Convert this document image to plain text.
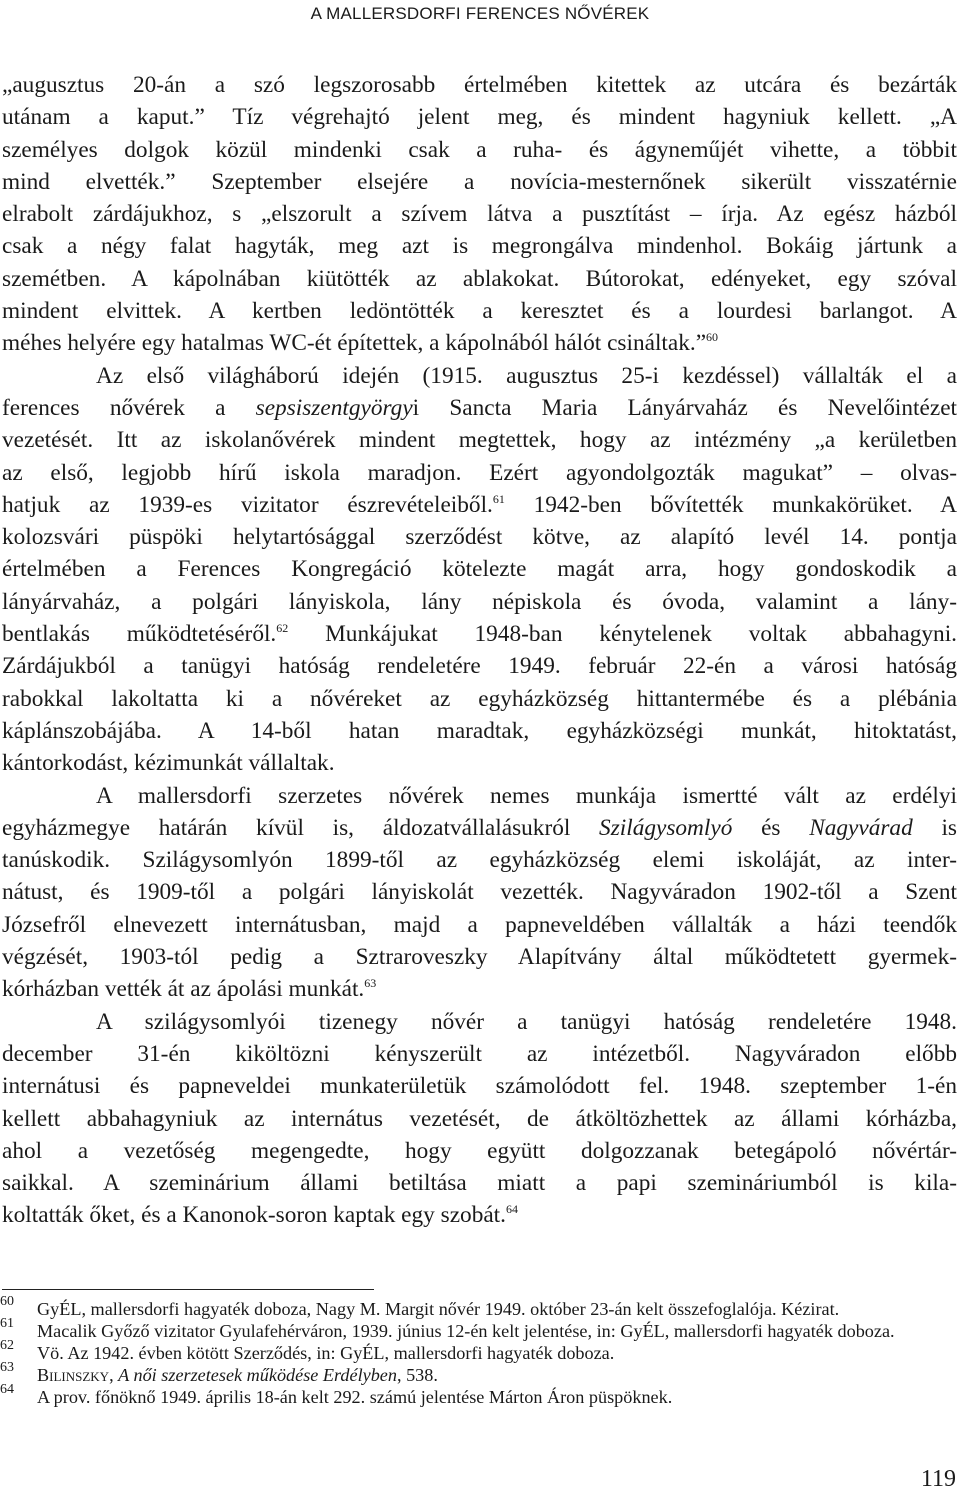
A MALLERSDORFI FERENCES NŐVÉREK

„augusztus 20-án a szó legszorosabb értelmében kitettek az utcára és bezárták
utánam a kaput.” Tíz végrehajtó jelent meg, és mindent hagyniuk kellett. „A
személyes dolgok közül mindenki csak a ruha- és ágyneműjét vihette, a többit
mind elvették.” Szeptember elsejére a novícia-mesternőnek sikerült visszatérnie
elrabolt zárdájukhoz, s „elszorult a szívem látva a pusztítást – írja. Az egész házból
csak a négy falat hagyták, meg azt is megrongálva mindenhol. Bokáig jártunk a
szemétben. A kápolnában kiütötték az ablakokat. Bútorokat, edényeket, egy szóval
mindent elvittek. A kertben ledöntötték a keresztet és a lourdesi barlangot. A

méhes helyére egy hatalmas WC-ét építettek, a kápolnából hálót csináltak.”$^{60}$

Az első világháború idején (1915. augusztus 25-i kezdéssel) vállalták el a
ferences nővérek a sepsiszentgyörgyi Sancta Maria Lányárvaház és Nevelőintézet
vezetését. Itt az iskolanővérek mindent megtettek, hogy az intézmény „a kerületben
az első, legjobb hírű iskola maradjon. Ezért agyondolgozták magukat” – olvas-
hatjuk az 1939-es vizitator észrevételeiből.$^{61}$ 1942-ben bővítették munkakörüket. A
kolozsvári püspöki helytartósággal szerződést kötve, az alapító levél 14. pontja
értelmében a Ferences Kongregáció kötelezte magát arra, hogy gondoskodik a
lányárvaház, a polgári lányiskola, lány népiskola és óvoda, valamint a lány-
bentlakás működtetéséről.$^{62}$ Munkájukat 1948-ban kénytelenek voltak abbahagyni.
Zárdájukból a tanügyi hatóság rendeletére 1949. február 22-én a városi hatóság
rabokkal lakoltatta ki a nővéreket az egyházközség hittantermébe és a plébánia
káplánszobájába. A 14-ből hatan maradtak, egyházközségi munkát, hitoktatást,

kántorkodást, kézimunkát vállaltak.

A mallersdorfi szerzetes nővérek nemes munkája ismertté vált az erdélyi
egyházmegye határán kívül is, áldozatvállalásukról Szilágysomlyó és Nagyvárad is
tanúskodik. Szilágysomlyón 1899-től az egyházközség elemi iskoláját, az inter-
nátust, és 1909-től a polgári lányiskolát vezették. Nagyváradon 1902-től a Szent
Józsefről elnevezett internátusban, majd a papneveldében vállalták a házi teendők
végzését, 1903-tól pedig a Sztraroveszky Alapítvány által működtetett gyermek-

kórházban vették át az ápolási munkát.$^{63}$

A szilágysomlyói tizenegy nővér a tanügyi hatóság rendeletére 1948.
december 31-én kiköltözni kényszerült az intézetből. Nagyváradon előbb
internátusi és papneveldei munkaterületük számolódott fel. 1948. szeptember 1-én
kellett abbahagyniuk az internátus vezetését, de átköltözhettek az állami kórházba,
ahol a vezetőség megengedte, hogy együtt dolgozzanak betegápoló nővértár-
saikkal. A szeminárium állami betiltása miatt a papi szemináriumból is kila-

koltatták őket, és a Kanonok-soron kaptak egy szobát.$^{64}$

60 GyÉL, mallersdorfi hagyaték doboza, Nagy M. Margit nővér 1949. október 23-án kelt összefoglalója. Kézirat.
61 Macalik Győző vizitator Gyulafehérváron, 1939. június 12-én kelt jelentése, in: GyÉL, mallersdorfi hagyaték doboza.
62 Vö. Az 1942. évben kötött Szerződés, in: GyÉL, mallersdorfi hagyaték doboza.
63 Bilinszky, A női szerzetesek működése Erdélyben, 538.
64 A prov. főnöknő 1949. április 18-án kelt 292. számú jelentése Márton Áron püspöknek.
119
